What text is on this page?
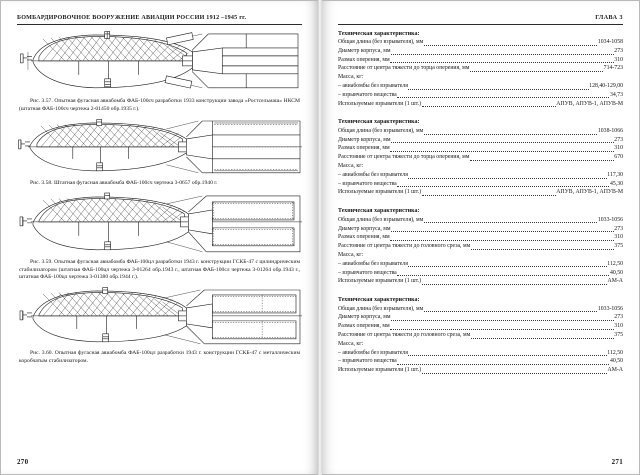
БОМБАРДИРОВОЧНОЕ ВООРУЖЕНИЕ АВИАЦИИ РОССИИ 1912 –1945 гг.
Рис. 3.57. Опытная фугасная авиабомба ФАБ-100сч разработки 1933 конструкции завода «Ростсельмаш» НКСМ (штатная ФАБ-100сч чертежа 2-01450 обр.1935 г.).
Рис. 3.58. Штатная фугасная авиабомба ФАБ-100сч чертежа 3-0657 обр.1940 г.
Рис. 3.59. Опытная фугасная авиабомба ФАБ-100цл разработки 1943 г. конструкции ГСКБ-47 с цилиндрическим стабилизатором (штатная ФАБ-100цл чертежа 3-01264 обр.1943 г., штатная ФАБ-100сл чертежа 3-01264 обр.1943 г., штатная ФАБ-100цл чертежа 3-01380 обр.1944 г.).
Рис. 3.60. Опытная фугасная авиабомба ФАБ-100цл разработки 1943 г. конструкции ГСКБ-47 с металлическим коробчатым стабилизатором.
270
ГЛАВА 3
Техническая характеристика:
Общая длина (без взрывателя), мм	1034-1058
Диаметр корпуса, мм	273
Размах оперения, мм	310
Расстояние от центра тяжести до торца оперения, мм	714-723
Масса, кг:
– авиабомбы без взрывателя	128,40-129,00
– взрывчатого вещества	34,73
Используемые взрыватели (1 шт.)	АПУВ, АПУВ-1, АПУВ-М
Техническая характеристика:
Общая длина (без взрывателя), мм	1038-1066
Диаметр корпуса, мм	273
Размах оперения, мм	310
Расстояние от центра тяжести до торца оперения, мм	670
Масса, кг:
– авиабомбы без взрывателя	117,30
– взрывчатого вещества	45,30
Используемые взрыватели (1 шт.)	АПУВ, АПУВ-1, АПУВ-М
Техническая характеристика:
Общая длина (без взрывателя), мм	1033-1056
Диаметр корпуса, мм	273
Размах оперения, мм	310
Расстояние от центра тяжести до головного среза, мм	375
Масса, кг:
– авиабомбы без взрывателя	112,50
– взрывчатого вещества	40,50
Используемые взрыватели (1 шт.)	АМ-А
Техническая характеристика:
Общая длина (без взрывателя), мм	1033-1056
Диаметр корпуса, мм	273
Размах оперения, мм	310
Расстояние от центра тяжести до головного среза, мм	375
Масса, кг:
– авиабомбы без взрывателя	112,50
– взрывчатого вещества	40,50
Используемые взрыватели (1 шт.)	АМ-А
271
